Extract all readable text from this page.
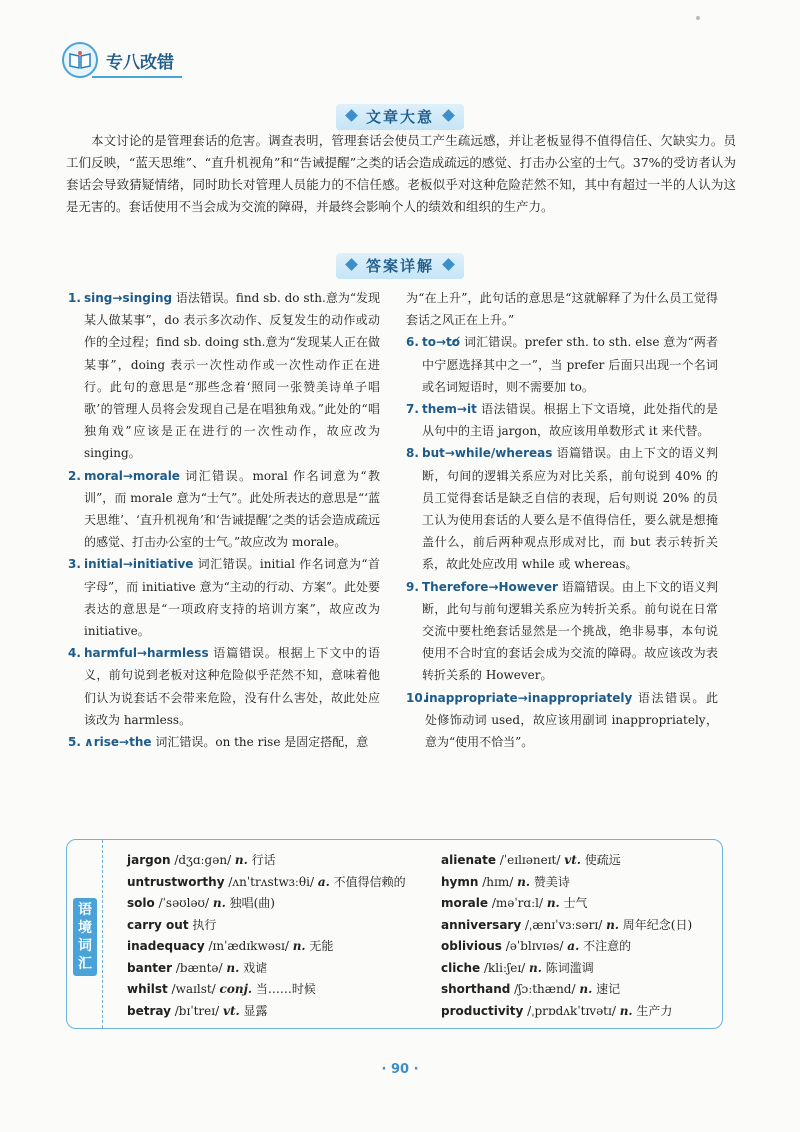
专八改错
文章大意
本文讨论的是管理套话的危害。调查表明，管理套话会使员工产生疏远感，并让老板显得不值得信任、欠缺实力。员工们反映，“蓝天思维”、“直升机视角”和“告诫提醒”之类的话会造成疏远的感觉、打击办公室的士气。37%的受访者认为套话会导致猜疑情绪，同时助长对管理人员能力的不信任感。老板似乎对这种危险茫然不知，其中有超过一半的人认为这是无害的。套话使用不当会成为交流的障碍，并最终会影响个人的绩效和组织的生产力。
答案详解
1. sing→singing 语法错误。find sb. do sth.意为“发现某人做某事”，do 表示多次动作、反复发生的动作或动作的全过程；find sb. doing sth.意为“发现某人正在做某事”，doing 表示一次性动作或一次性动作正在进行。此句的意思是“那些念着‘照同一张赞美诗单子唱歌’的管理人员将会发现自己是在唱独角戏。”此处的“唱独角戏”应该是正在进行的一次性动作，故应改为 singing。
2. moral→morale 词汇错误。moral 作名词意为“教训”，而 morale 意为“士气”。此处所表达的意思是“‘蓝天思维’、‘直升机视角’和‘告诫提醒’之类的话会造成疏远的感觉、打击办公室的士气。”故应改为 morale。
3. initial→initiative 词汇错误。initial 作名词意为“首字母”，而 initiative 意为“主动的行动、方案”。此处要表达的意思是“一项政府支持的培训方案”，故应改为 initiative。
4. harmful→harmless 语篇错误。根据上下文中的语义，前句说到老板对这种危险似乎茫然不知，意味着他们认为说套话不会带来危险，没有什么害处，故此处应该改为 harmless。
5. ∧rise→the 词汇错误。on the rise 是固定搭配，意
为“在上升”，此句话的意思是“这就解释了为什么员工觉得套话之风正在上升。”
6. to→to̸ 词汇错误。prefer sth. to sth. else 意为“两者中宁愿选择其中之一”，当 prefer 后面只出现一个名词或名词短语时，则不需要加 to。
7. them→it 语法错误。根据上下文语境，此处指代的是从句中的主语 jargon，故应该用单数形式 it 来代替。
8. but→while/whereas 语篇错误。由上下文的语义判断，句间的逻辑关系应为对比关系，前句说到 40% 的员工觉得套话是缺乏自信的表现，后句则说 20% 的员工认为使用套话的人要么是不值得信任，要么就是想掩盖什么，前后两种观点形成对比，而 but 表示转折关系，故此处应改用 while 或 whereas。
9. Therefore→However 语篇错误。由上下文的语义判断，此句与前句逻辑关系应为转折关系。前句说在日常交流中要杜绝套话显然是一个挑战，绝非易事，本句说使用不合时宜的套话会成为交流的障碍。故应该改为表转折关系的 However。
10.
inappropriate→inappropriately 语法错误。此处修饰动词 used，故应该用副词 inappropriately，意为“使用不恰当”。
语境词汇
jargon /dʒɑːgən/ n. 行话
untrustworthy /ʌnˈtrʌstwɜːθi/ a. 不值得信赖的
solo /ˈsəʊləʊ/ n. 独唱(曲)
carry out 执行
inadequacy /ɪnˈædɪkwəsɪ/ n. 无能
banter /bæntə/ n. 戏谑
whilst /waɪlst/ conj. 当……时候
betray /bɪˈtreɪ/ vt. 显露
alienate /ˈeɪlɪəneɪt/ vt. 使疏远
hymn /hɪm/ n. 赞美诗
morale /məˈrɑːl/ n. 士气
anniversary /ˌænɪˈvɜːsərɪ/ n. 周年纪念(日)
oblivious /əˈblɪvɪəs/ a. 不注意的
cliche /kliːʃeɪ/ n. 陈词滥调
shorthand /ʃɔːthænd/ n. 速记
productivity /ˌprɒdʌkˈtɪvətɪ/ n. 生产力
· 90 ·
